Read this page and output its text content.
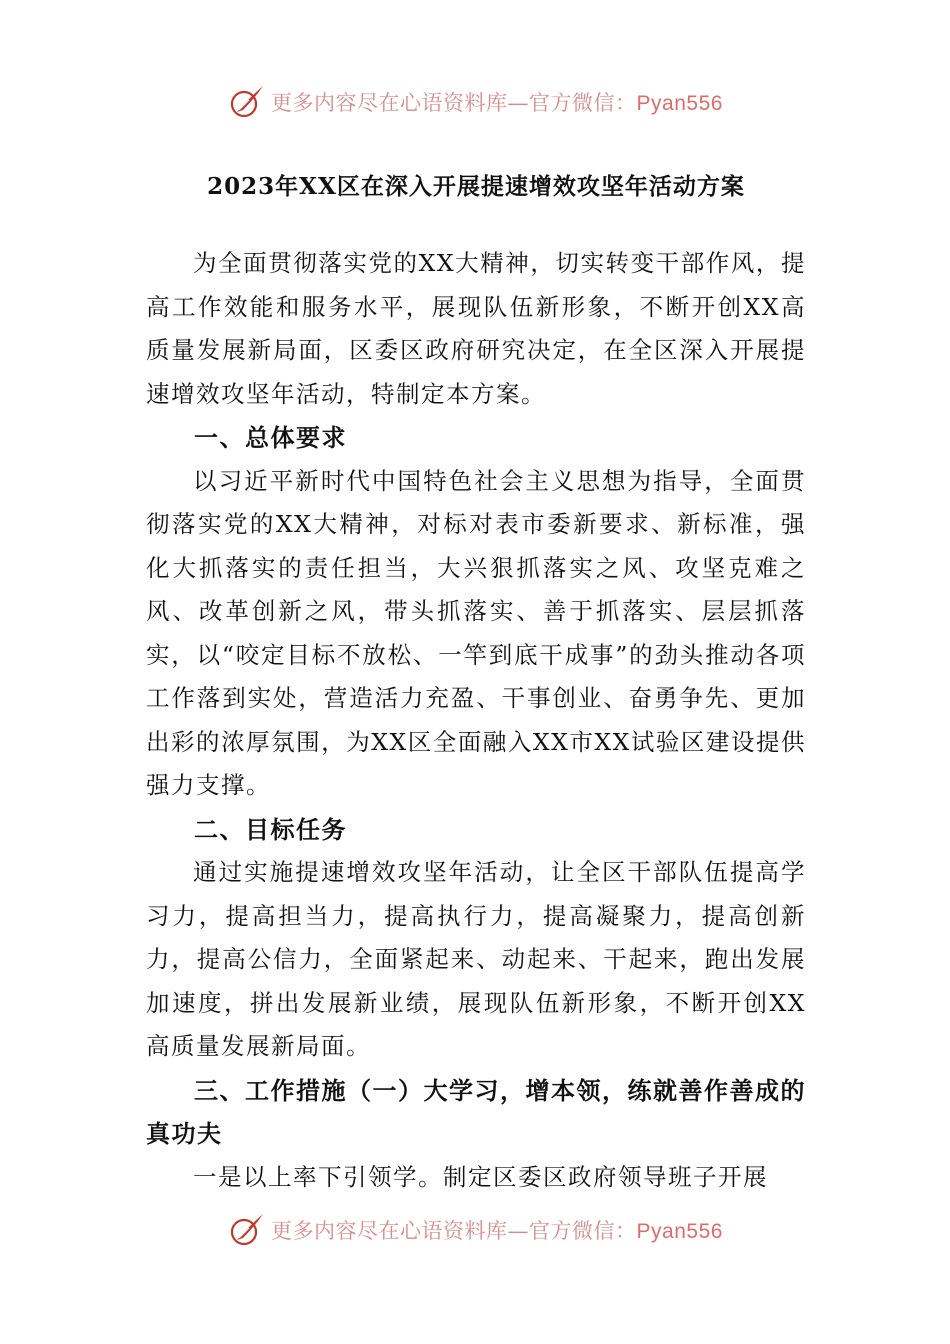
更多内容尽在心语资料库—官方微信：Pyan556
2023年XX区在深入开展提速增效攻坚年活动方案

为全面贯彻落实党的XX大精神，切实转变干部作风，提高工作效能和服务水平，展现队伍新形象，不断开创XX高质量发展新局面，区委区政府研究决定，在全区深入开展提速增效攻坚年活动，特制定本方案。

一、总体要求

以习近平新时代中国特色社会主义思想为指导，全面贯彻落实党的XX大精神，对标对表市委新要求、新标准，强化大抓落实的责任担当，大兴狠抓落实之风、攻坚克难之风、改革创新之风，带头抓落实、善于抓落实、层层抓落实，以“咬定目标不放松、一竿到底干成事”的劲头推动各项工作落到实处，营造活力充盈、干事创业、奋勇争先、更加出彩的浓厚氛围，为XX区全面融入XX市XX试验区建设提供强力支撑。

二、目标任务

通过实施提速增效攻坚年活动，让全区干部队伍提高学习力，提高担当力，提高执行力，提高凝聚力，提高创新力，提高公信力，全面紧起来、动起来、干起来，跑出发展加速度，拼出发展新业绩，展现队伍新形象，不断开创XX高质量发展新局面。

三、工作措施（一）大学习，增本领，练就善作善成的真功夫

一是以上率下引领学。制定区委区政府领导班子开展

更多内容尽在心语资料库—官方微信：Pyan556
